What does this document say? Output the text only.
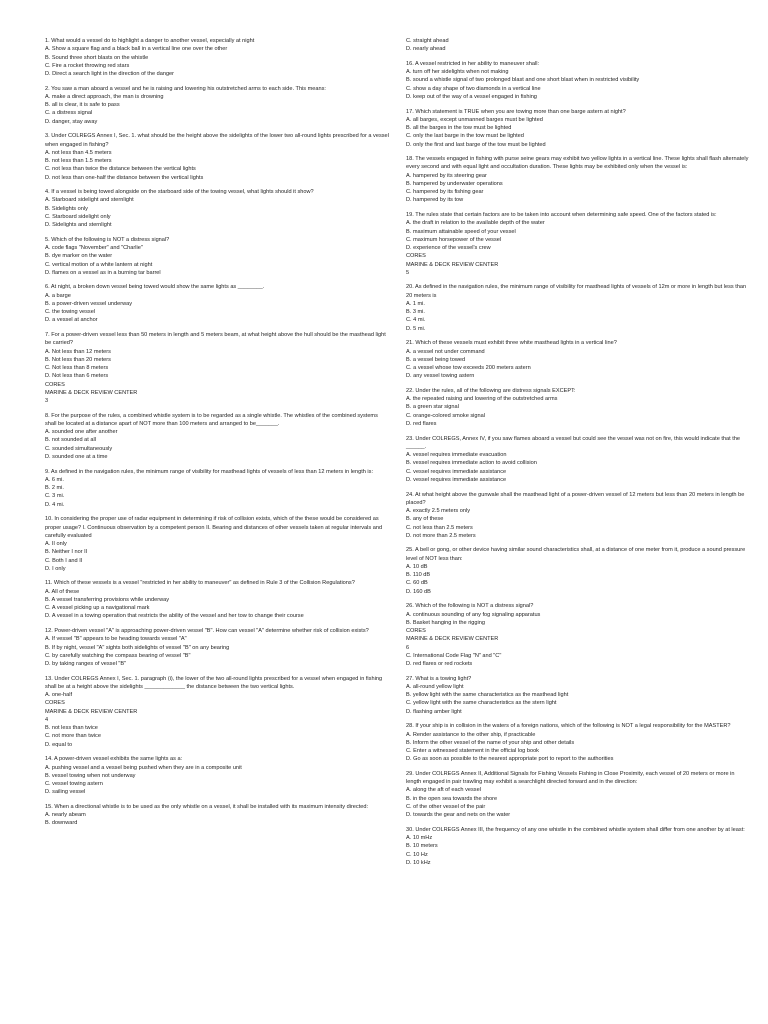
1. What would a vessel do to highlight a danger to another vessel, especially at night
A. Show a square flag and a black ball in a vertical line one over the other
B. Sound three short blasts on the whistle
C. Fire a rocket throwing red stars
D. Direct a search light in the direction of the danger
2. You saw a man aboard a vessel and he is raising and lowering his outstretched arms to each side. This means:
A. make a direct approach, the man is drowning
B. all is clear, it is safe to pass
C. a distress signal
D. danger, stay away
3. Under COLREGS Annex I, Sec. 1. what should be the height above the sidelights of the lower two all-round lights prescribed for a vessel when engaged in fishing?
A. not less than 4.5 meters
B. not less than 1.5 meters
C. not less than twice the distance between the vertical lights
D. not less than one-half the distance between the vertical lights
4. If a vessel is being towed alongside on the starboard side of the towing vessel, what lights should it show?
A. Starboard sidelight and sternlight
B. Sidelights only
C. Starboard sidelight only
D. Sidelights and sternlight
5. Which of the following is NOT a distress signal?
A. code flags "November" and "Charlie"
B. dye marker on the water
C. vertical motion of a white lantern at night
D. flames on a vessel as in a burning tar barrel
6. At night, a broken down vessel being towed would show the same lights as ________.
A. a barge
B. a power-driven vessel underway
C. the towing vessel
D. a vessel at anchor
7. For a power-driven vessel less than 50 meters in length and 5 meters beam, at what height above the hull should be the masthead light be carried?
A. Not less than 12 meters
B. Not less than 20 meters
C. Not less than 8 meters
D. Not less than 6 meters
CORES
MARINE & DECK REVIEW CENTER
3
8. For the purpose of the rules, a combined whistle system is to be regarded as a single whistle. The whistles of the combined systems shall be located at a distance apart of NOT more than 100 meters and arranged to be_______.
A. sounded one after another
B. not sounded at all
C. sounded simultaneously
D. sounded one at a time
9. As defined in the navigation rules, the minimum range of visibility for masthead lights of vessels of less than 12 meters in length is:
A. 6 mi.
B. 2 mi.
C. 3 mi.
D. 4 mi.
10. In considering the proper use of radar equipment in determining if risk of collision exists, which of the these would be considered as proper usage? I. Continuous observation by a competent person II. Bearing and distances of other vessels taken at regular intervals and carefully evaluated
A. II only
B. Neither I nor II
C. Both I and II
D. I only
11. Which of these vessels is a vessel "restricted in her ability to maneuver" as defined in Rule 3 of the Collision Regulations?
A. All of these
B. A vessel transferring provisions while underway
C. A vessel picking up a navigational mark
D. A vessel in a towing operation that restricts the ability of the vessel and her tow to change their course
12. Power-driven vessel "A" is approaching power-driven vessel "B". How can vessel "A" determine whether risk of collision exists?
A. If vessel "B" appears to be heading towards vessel "A"
B. If by night, vessel "A" sights both sidelights of vessel "B" on any bearing
C. by carefully watching the compass bearing of vessel "B"
D. by taking ranges of vessel "B"
13. Under COLREGS Annex I, Sec. 1. paragraph (i), the lower of the two all-round lights prescribed for a vessel when engaged in fishing shall be at a height above the sidelights _____________ the distance between the two vertical lights.
A. one-half
CORES
MARINE & DECK REVIEW CENTER
4
B. not less than twice
C. not more than twice
D. equal to
14. A power-driven vessel exhibits the same lights as a:
A. pushing vessel and a vessel being pushed when they are in a composite unit
B. vessel towing when not underway
C. vessel towing astern
D. sailing vessel
15. When a directional whistle is to be used as the only whistle on a vessel, it shall be installed with its maximum intensity directed:
A. nearly abeam
B. downward
C. straight ahead
D. nearly ahead
16. A vessel restricted in her ability to maneuver shall:
A. turn off her sidelights when not making
B. sound a whistle signal of two prolonged blast and one short blast when in restricted visibility
C. show a day shape of two diamonds in a vertical line
D. keep out of the way of a vessel engaged in fishing
17. Which statement is TRUE when you are towing more than one barge astern at night?
A. all barges, except unmanned barges must be lighted
B. all the barges in the tow must be lighted
C. only the last barge in the tow must be lighted
D. only the first and last barge of the tow must be lighted
18. The vessels engaged in fishing with purse seine gears may exhibit two yellow lights in a vertical line. These lights shall flash alternately every second and with equal light and occultation duration. These lights may be exhibited only when the vessel is:
A. hampered by its steering gear
B. hampered by underwater operations
C. hampered by its fishing gear
D. hampered by its tow
19. The rules state that certain factors are to be taken into account when determining safe speed. One of the factors stated is:
A. the draft in relation to the available depth of the water
B. maximum attainable speed of your vessel
C. maximum horsepower of the vessel
D. experience of the vessel's crew
CORES
MARINE & DECK REVIEW CENTER
5
20. As defined in the navigation rules, the minimum range of visibility for masthead lights of vessels of 12m or more in length but less than 20 meters is
A. 1 mi.
B. 3 mi.
C. 4 mi.
D. 5 mi.
21. Which of these vessels must exhibit three white masthead lights in a vertical line?
A. a vessel not under command
B. a vessel being towed
C. a vessel whose tow exceeds 200 meters astern
D. any vessel towing astern
22. Under the rules, all of the following are distress signals EXCEPT:
A. the repeated raising and lowering of the outstretched arms
B. a green star signal
C. orange-colored smoke signal
D. red flares
23. Under COLREGS, Annex IV, if you saw flames aboard a vessel but could see the vessel was not on fire, this would indicate that the ______.
A. vessel requires immediate evacuation
B. vessel requires immediate action to avoid collision
C. vessel requires immediate assistance
D. vessel requires immediate assistance
24. At what height above the gunwale shall the masthead light of a power-driven vessel of 12 meters but less than 20 meters in length be placed?
A. exactly 2.5 meters only
B. any of these
C. not less than 2.5 meters
D. not more than 2.5 meters
25. A bell or gong, or other device having similar sound characteristics shall, at a distance of one meter from it, produce a sound pressure level of NOT less than:
A. 10 dB
B. 110 dB
C. 60 dB
D. 160 dB
26. Which of the following is NOT a distress signal?
A. continuous sounding of any fog signaling apparatus
B. Basket hanging in the rigging
CORES
MARINE & DECK REVIEW CENTER
6
C. International Code Flag "N" and "C"
D. red flares or red rockets
27. What is a towing light?
A. all-round yellow light
B. yellow light with the same characteristics as the masthead light
C. yellow light with the same characteristics as the stern light
D. flashing amber light
28. If your ship is in collision in the waters of a foreign nations, which of the following is NOT a legal responsibility for the MASTER?
A. Render assistance to the other ship, if practicable
B. Inform the other vessel of the name of your ship and other details
C. Enter a witnessed statement in the official log book
D. Go as soon as possible to the nearest appropriate port to report to the authorities
29. Under COLREGS Annex II, Additional Signals for Fishing Vessels Fishing in Close Proximity, each vessel of 20 meters or more in length engaged in pair trawling may exhibit a searchlight directed forward and in the direction:
A. along the aft of each vessel
B. in the open sea towards the shore
C. of the other vessel of the pair
D. towards the gear and nets on the water
30. Under COLREGS Annex III, the frequency of any one whistle in the combined whistle system shall differ from one another by at least:
A. 10 mHz
B. 10 meters
C. 10 Hz
D. 10 kHz
